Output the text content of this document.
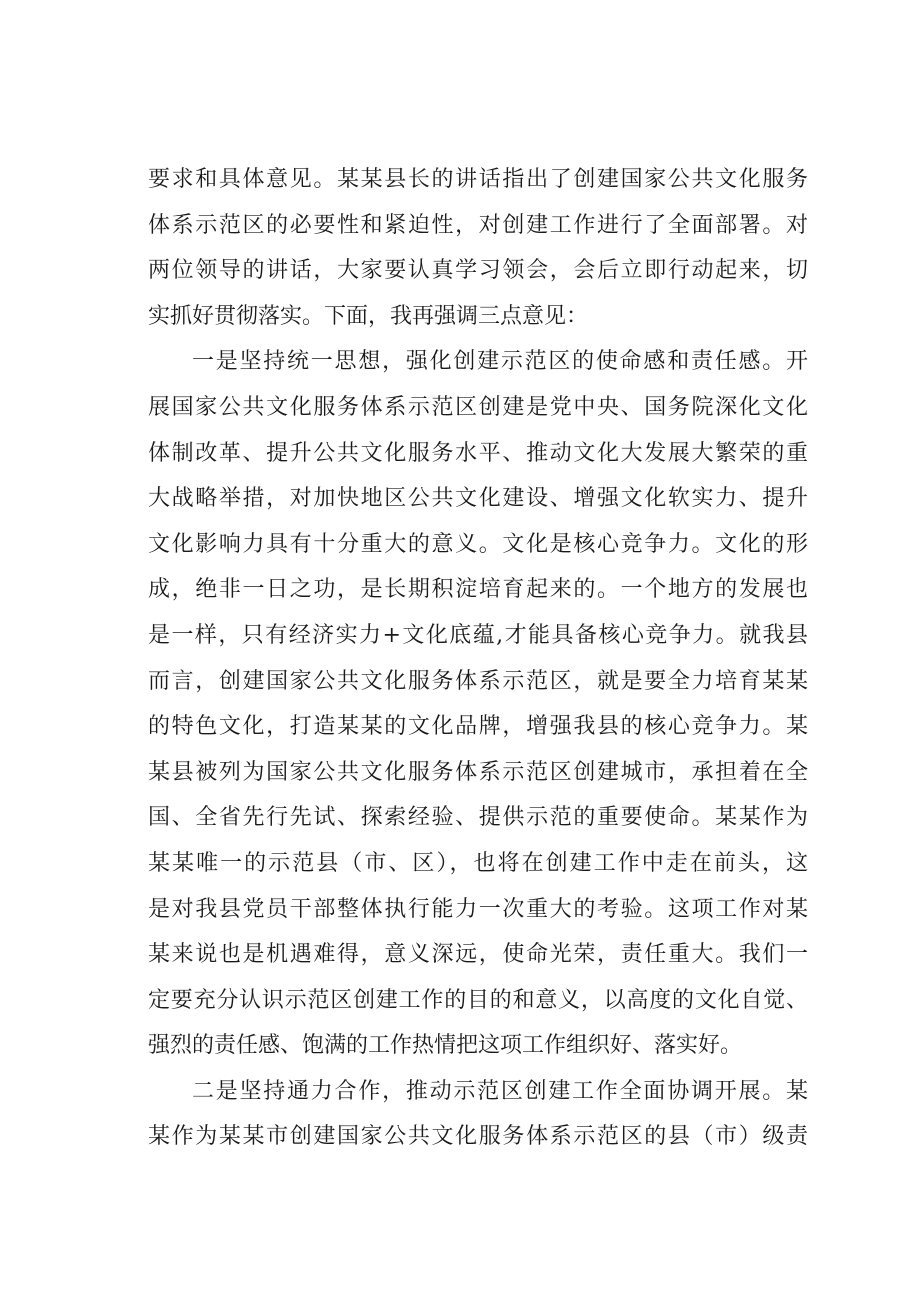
要求和具体意见。某某县长的讲话指出了创建国家公共文化服务
体系示范区的必要性和紧迫性，对创建工作进行了全面部署。对
两位领导的讲话，大家要认真学习领会，会后立即行动起来，切
实抓好贯彻落实。下面，我再强调三点意见：
一是坚持统一思想，强化创建示范区的使命感和责任感。开
展国家公共文化服务体系示范区创建是党中央、国务院深化文化
体制改革、提升公共文化服务水平、推动文化大发展大繁荣的重
大战略举措，对加快地区公共文化建设、增强文化软实力、提升
文化影响力具有十分重大的意义。文化是核心竞争力。文化的形
成，绝非一日之功，是长期积淀培育起来的。一个地方的发展也
是一样，只有经济实力+文化底蕴,才能具备核心竞争力。就我县
而言，创建国家公共文化服务体系示范区，就是要全力培育某某
的特色文化，打造某某的文化品牌，增强我县的核心竞争力。某
某县被列为国家公共文化服务体系示范区创建城市，承担着在全
国、全省先行先试、探索经验、提供示范的重要使命。某某作为
某某唯一的示范县（市、区），也将在创建工作中走在前头，这
是对我县党员干部整体执行能力一次重大的考验。这项工作对某
某来说也是机遇难得，意义深远，使命光荣，责任重大。我们一
定要充分认识示范区创建工作的目的和意义，以高度的文化自觉、
强烈的责任感、饱满的工作热情把这项工作组织好、落实好。
二是坚持通力合作，推动示范区创建工作全面协调开展。某
某作为某某市创建国家公共文化服务体系示范区的县（市）级责
